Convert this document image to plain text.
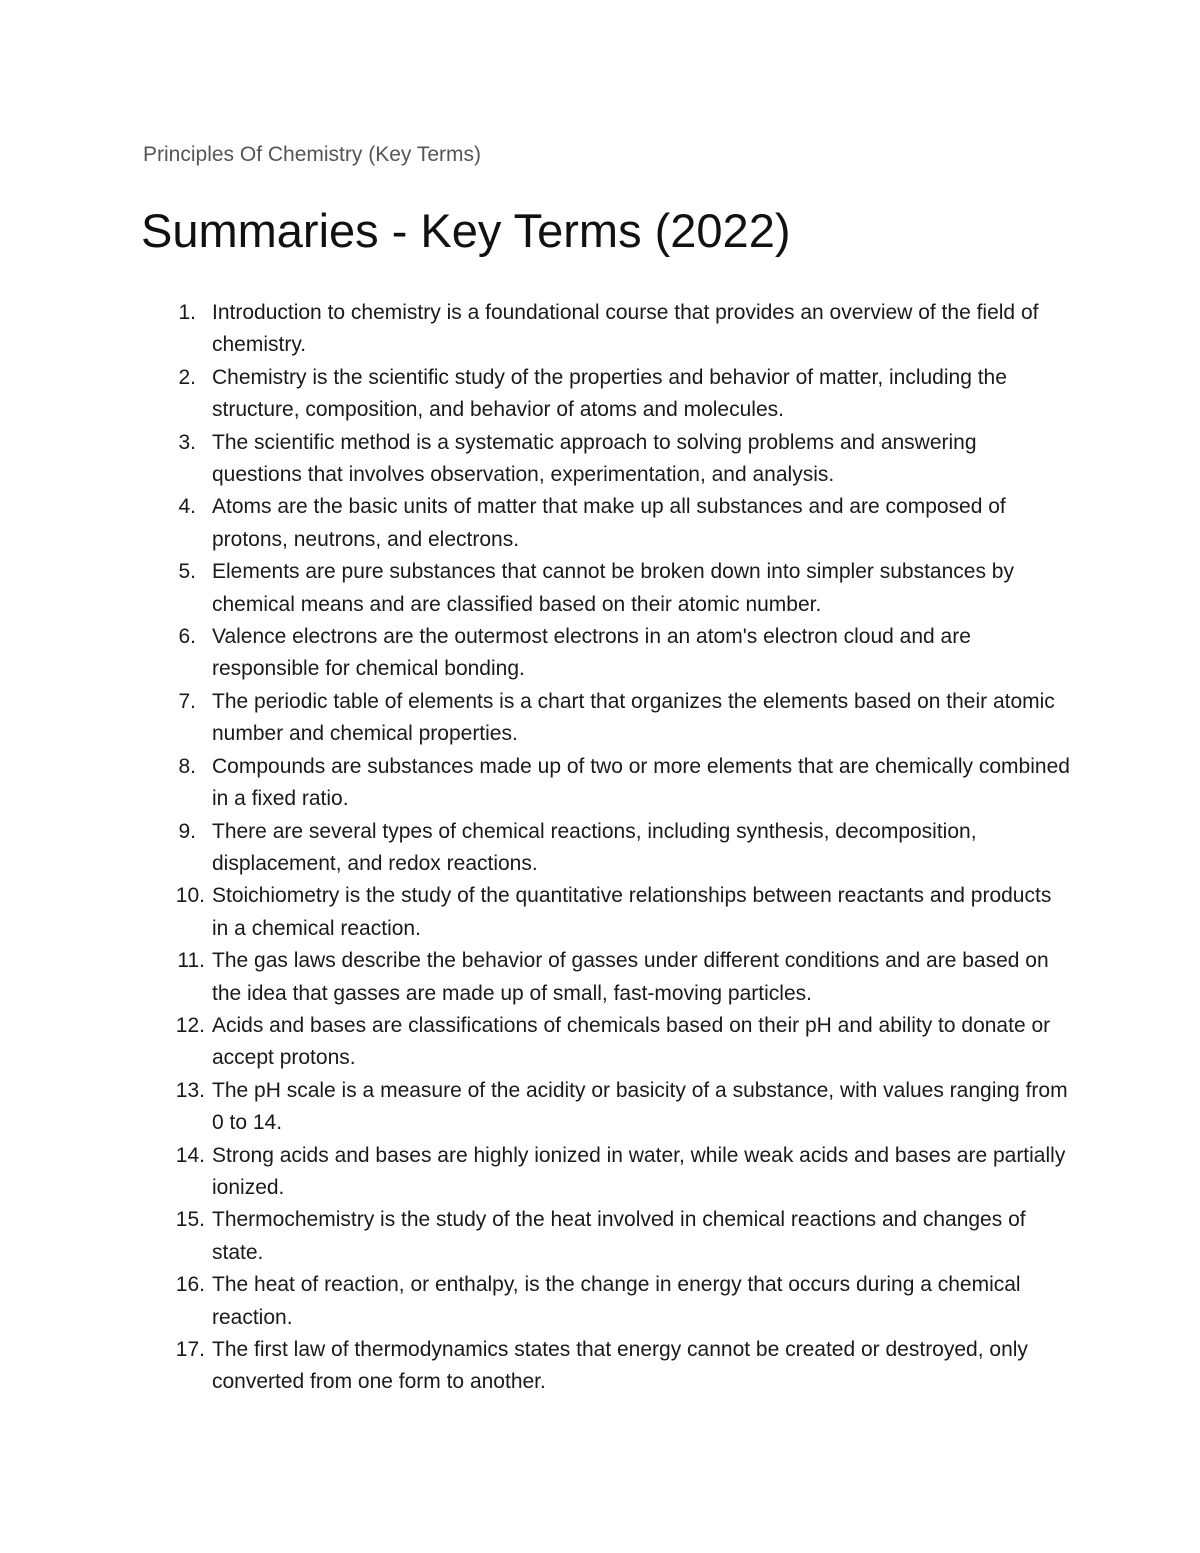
Principles Of Chemistry (Key Terms)
Summaries - Key Terms (2022)
1. Introduction to chemistry is a foundational course that provides an overview of the field of chemistry.
2. Chemistry is the scientific study of the properties and behavior of matter, including the structure, composition, and behavior of atoms and molecules.
3. The scientific method is a systematic approach to solving problems and answering questions that involves observation, experimentation, and analysis.
4. Atoms are the basic units of matter that make up all substances and are composed of protons, neutrons, and electrons.
5. Elements are pure substances that cannot be broken down into simpler substances by chemical means and are classified based on their atomic number.
6. Valence electrons are the outermost electrons in an atom's electron cloud and are responsible for chemical bonding.
7. The periodic table of elements is a chart that organizes the elements based on their atomic number and chemical properties.
8. Compounds are substances made up of two or more elements that are chemically combined in a fixed ratio.
9. There are several types of chemical reactions, including synthesis, decomposition, displacement, and redox reactions.
10. Stoichiometry is the study of the quantitative relationships between reactants and products in a chemical reaction.
11. The gas laws describe the behavior of gasses under different conditions and are based on the idea that gasses are made up of small, fast-moving particles.
12. Acids and bases are classifications of chemicals based on their pH and ability to donate or accept protons.
13. The pH scale is a measure of the acidity or basicity of a substance, with values ranging from 0 to 14.
14. Strong acids and bases are highly ionized in water, while weak acids and bases are partially ionized.
15. Thermochemistry is the study of the heat involved in chemical reactions and changes of state.
16. The heat of reaction, or enthalpy, is the change in energy that occurs during a chemical reaction.
17. The first law of thermodynamics states that energy cannot be created or destroyed, only converted from one form to another.
